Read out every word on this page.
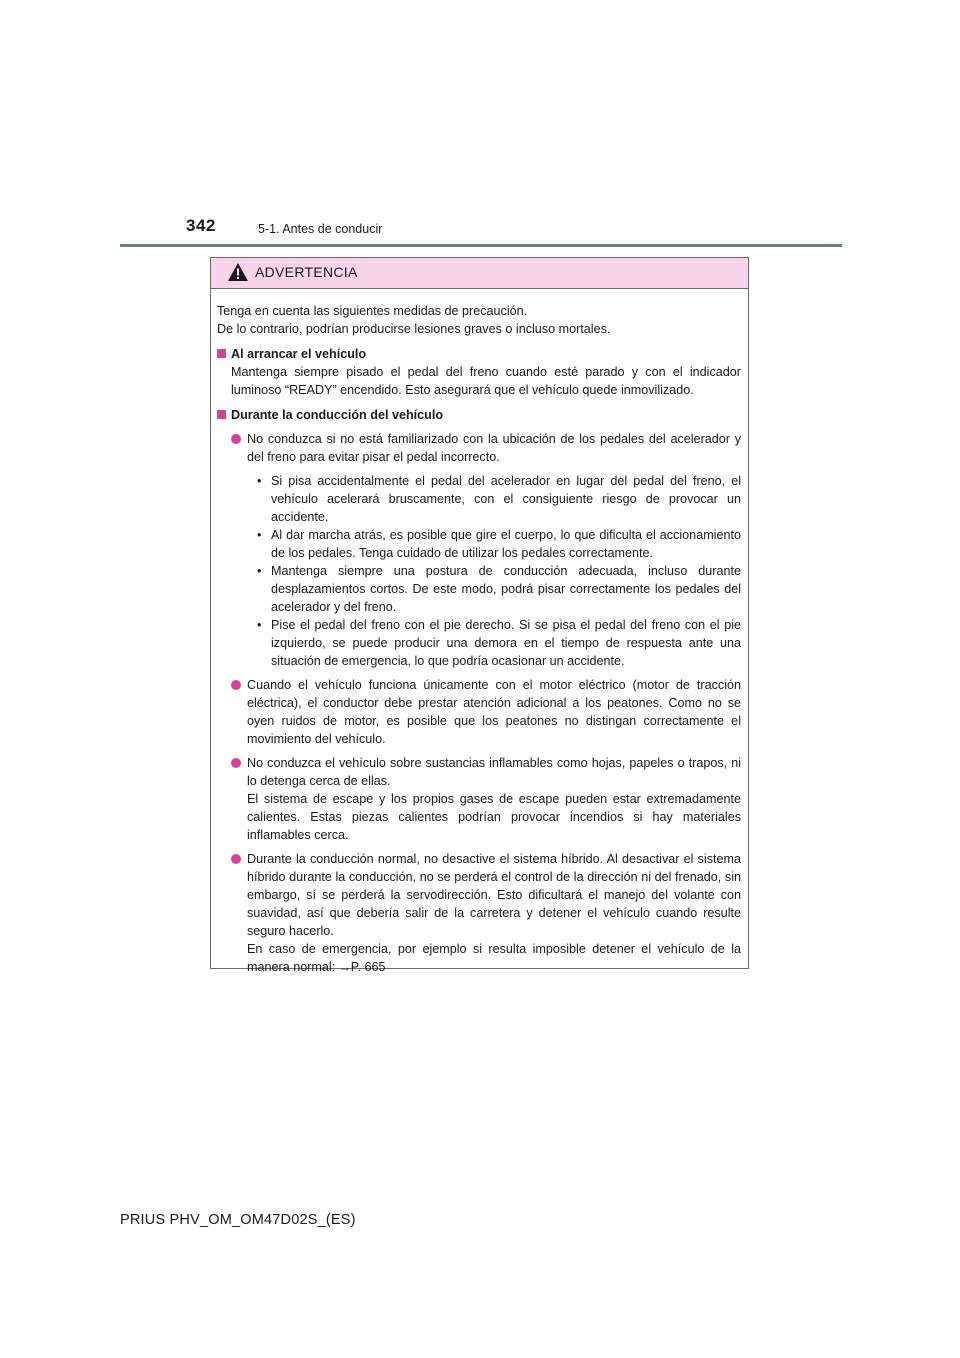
342	5-1. Antes de conducir
ADVERTENCIA

Tenga en cuenta las siguientes medidas de precaución.

De lo contrario, podrían producirse lesiones graves o incluso mortales.

Al arrancar el vehículo

Mantenga siempre pisado el pedal del freno cuando esté parado y con el indicador luminoso “READY” encendido. Esto asegurará que el vehículo quede inmovilizado.

Durante la conducción del vehículo

No conduzca si no está familiarizado con la ubicación de los pedales del acelerador y del freno para evitar pisar el pedal incorrecto.

• Si pisa accidentalmente el pedal del acelerador en lugar del pedal del freno, el vehículo acelerará bruscamente, con el consiguiente riesgo de provocar un accidente.
• Al dar marcha atrás, es posible que gire el cuerpo, lo que dificulta el accionamiento de los pedales. Tenga cuidado de utilizar los pedales correctamente.
• Mantenga siempre una postura de conducción adecuada, incluso durante desplazamientos cortos. De este modo, podrá pisar correctamente los pedales del acelerador y del freno.
• Pise el pedal del freno con el pie derecho. Si se pisa el pedal del freno con el pie izquierdo, se puede producir una demora en el tiempo de respuesta ante una situación de emergencia, lo que podría ocasionar un accidente.

Cuando el vehículo funciona únicamente con el motor eléctrico (motor de tracción eléctrica), el conductor debe prestar atención adicional a los peatones. Como no se oyen ruidos de motor, es posible que los peatones no distingan correctamente el movimiento del vehículo.

No conduzca el vehículo sobre sustancias inflamables como hojas, papeles o trapos, ni lo detenga cerca de ellas.

El sistema de escape y los propios gases de escape pueden estar extremadamente calientes. Estas piezas calientes podrían provocar incendios si hay materiales inflamables cerca.

Durante la conducción normal, no desactive el sistema híbrido. Al desactivar el sistema híbrido durante la conducción, no se perderá el control de la dirección ni del frenado, sin embargo, sí se perderá la servodirección. Esto dificultará el manejo del volante con suavidad, así que debería salir de la carretera y detener el vehículo cuando resulte seguro hacerlo.

En caso de emergencia, por ejemplo si resulta imposible detener el vehículo de la manera normal: →P. 665

PRIUS PHV_OM_OM47D02S_(ES)
